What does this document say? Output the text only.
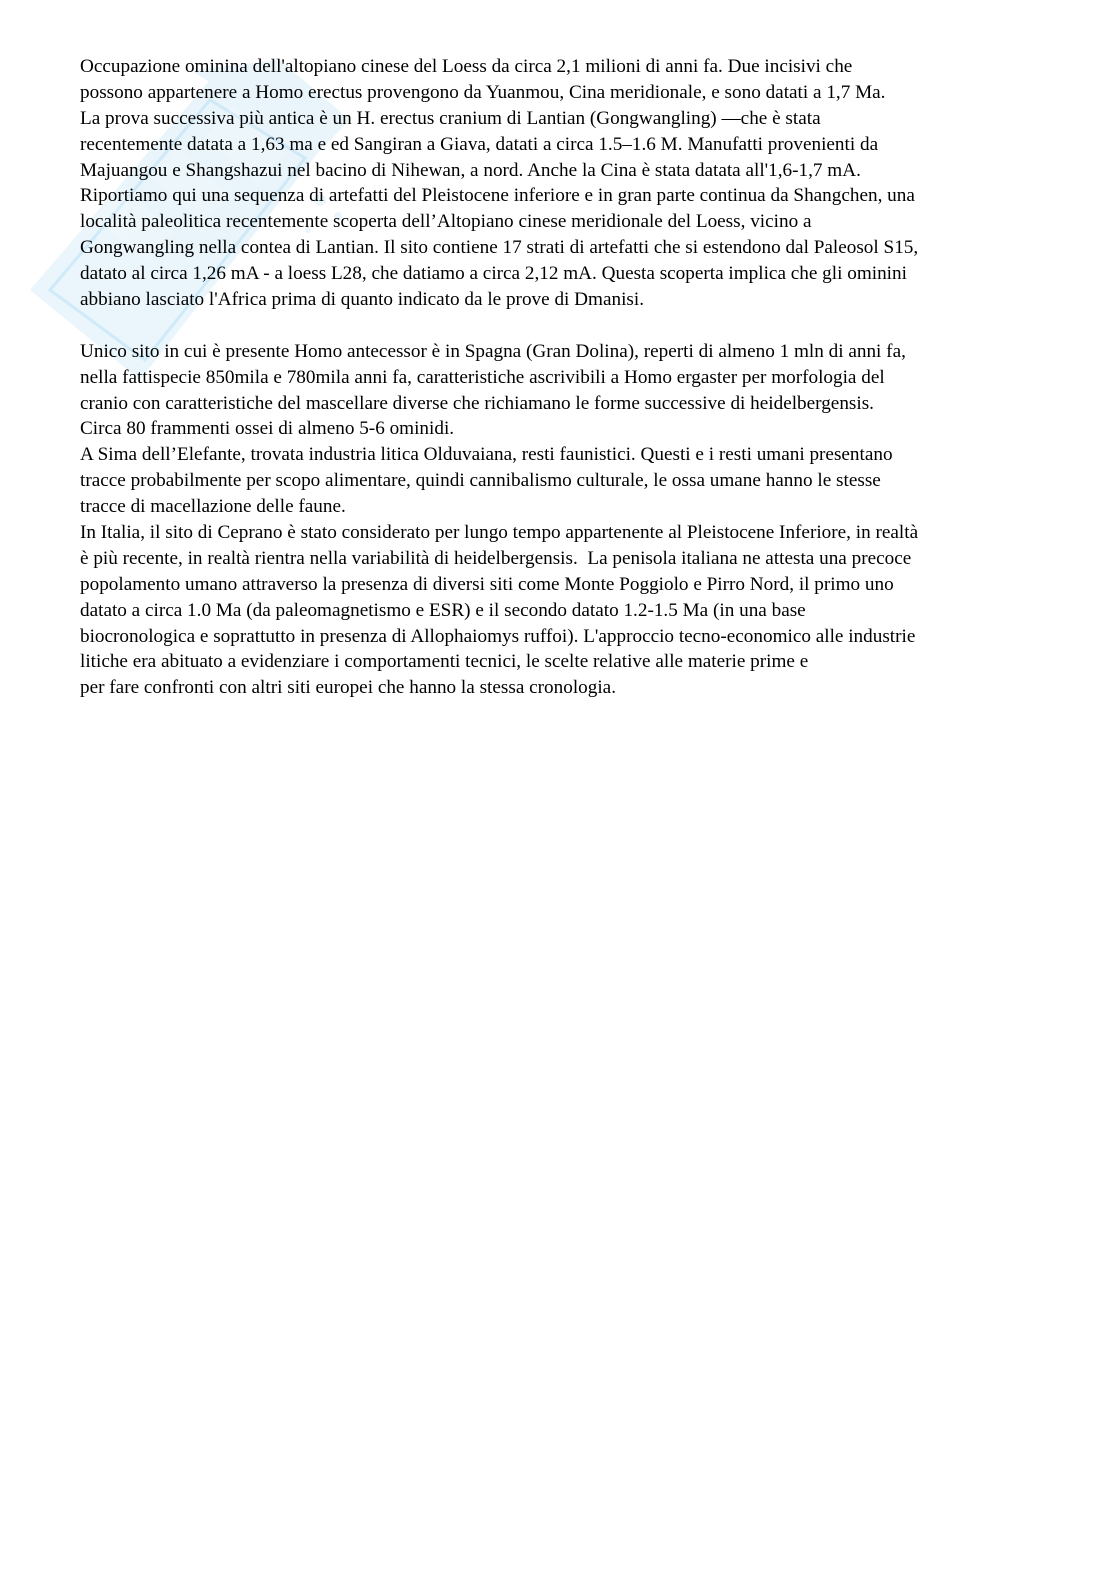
Occupazione ominina dell'altopiano cinese del Loess da circa 2,1 milioni di anni fa. Due incisivi che
possono appartenere a Homo erectus provengono da Yuanmou, Cina meridionale, e sono datati a 1,7 Ma.
La prova successiva più antica è un H. erectus cranium di Lantian (Gongwangling) —che è stata
recentemente datata a 1,63 ma e ed Sangiran a Giava, datati a circa 1.5–1.6 M. Manufatti provenienti da
Majuangou e Shangshazui nel bacino di Nihewan, a nord. Anche la Cina è stata datata all'1,6-1,7 mA.
Riportiamo qui una sequenza di artefatti del Pleistocene inferiore e in gran parte continua da Shangchen, una
località paleolitica recentemente scoperta dell’Altopiano cinese meridionale del Loess, vicino a
Gongwangling nella contea di Lantian. Il sito contiene 17 strati di artefatti che si estendono dal Paleosol S15,
datato al circa 1,26 mA - a loess L28, che datiamo a circa 2,12 mA. Questa scoperta implica che gli ominini
abbiano lasciato l'Africa prima di quanto indicato da le prove di Dmanisi.
Unico sito in cui è presente Homo antecessor è in Spagna (Gran Dolina), reperti di almeno 1 mln di anni fa,
nella fattispecie 850mila e 780mila anni fa, caratteristiche ascrivibili a Homo ergaster per morfologia del
cranio con caratteristiche del mascellare diverse che richiamano le forme successive di heidelbergensis.
Circa 80 frammenti ossei di almeno 5-6 ominidi.
A Sima dell’Elefante, trovata industria litica Olduvaiana, resti faunistici. Questi e i resti umani presentano
tracce probabilmente per scopo alimentare, quindi cannibalismo culturale, le ossa umane hanno le stesse
tracce di macellazione delle faune.
In Italia, il sito di Ceprano è stato considerato per lungo tempo appartenente al Pleistocene Inferiore, in realtà
è più recente, in realtà rientra nella variabilità di heidelbergensis.  La penisola italiana ne attesta una precoce
popolamento umano attraverso la presenza di diversi siti come Monte Poggiolo e Pirro Nord, il primo uno
datato a circa 1.0 Ma (da paleomagnetismo e ESR) e il secondo datato 1.2-1.5 Ma (in una base
biocronologica e soprattutto in presenza di Allophaiomys ruffoi). L'approccio tecno-economico alle industrie
litiche era abituato a evidenziare i comportamenti tecnici, le scelte relative alle materie prime e
per fare confronti con altri siti europei che hanno la stessa cronologia.
